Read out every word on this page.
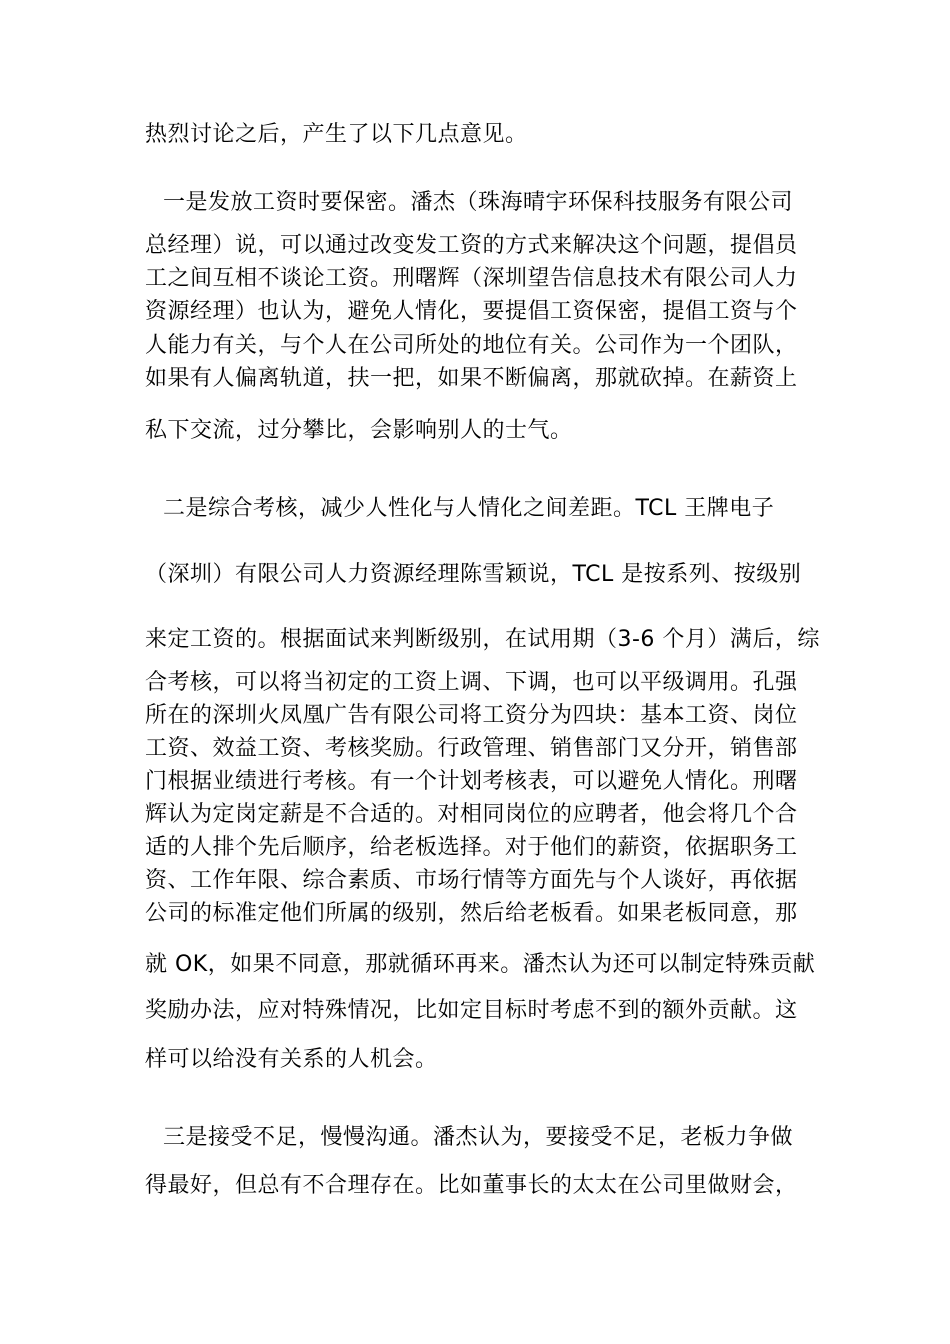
热烈讨论之后，产生了以下几点意见。
一是发放工资时要保密。潘杰（珠海晴宇环保科技服务有限公司
总经理）说，可以通过改变发工资的方式来解决这个问题，提倡员
工之间互相不谈论工资。刑曙辉（深圳望告信息技术有限公司人力
资源经理）也认为，避免人情化，要提倡工资保密，提倡工资与个
人能力有关，与个人在公司所处的地位有关。公司作为一个团队，
如果有人偏离轨道，扶一把，如果不断偏离，那就砍掉。在薪资上
私下交流，过分攀比，会影响别人的士气。
二是综合考核，减少人性化与人情化之间差距。TCL 王牌电子
（深圳）有限公司人力资源经理陈雪颖说，TCL 是按系列、按级别
来定工资的。根据面试来判断级别，在试用期（3-6 个月）满后，综
合考核，可以将当初定的工资上调、下调，也可以平级调用。孔强
所在的深圳火凤凰广告有限公司将工资分为四块：基本工资、岗位
工资、效益工资、考核奖励。行政管理、销售部门又分开，销售部
门根据业绩进行考核。有一个计划考核表，可以避免人情化。刑曙
辉认为定岗定薪是不合适的。对相同岗位的应聘者，他会将几个合
适的人排个先后顺序，给老板选择。对于他们的薪资，依据职务工
资、工作年限、综合素质、市场行情等方面先与个人谈好，再依据
公司的标准定他们所属的级别，然后给老板看。如果老板同意，那
就 OK，如果不同意，那就循环再来。潘杰认为还可以制定特殊贡献
奖励办法，应对特殊情况，比如定目标时考虑不到的额外贡献。这
样可以给没有关系的人机会。
三是接受不足，慢慢沟通。潘杰认为，要接受不足，老板力争做
得最好，但总有不合理存在。比如董事长的太太在公司里做财会，
